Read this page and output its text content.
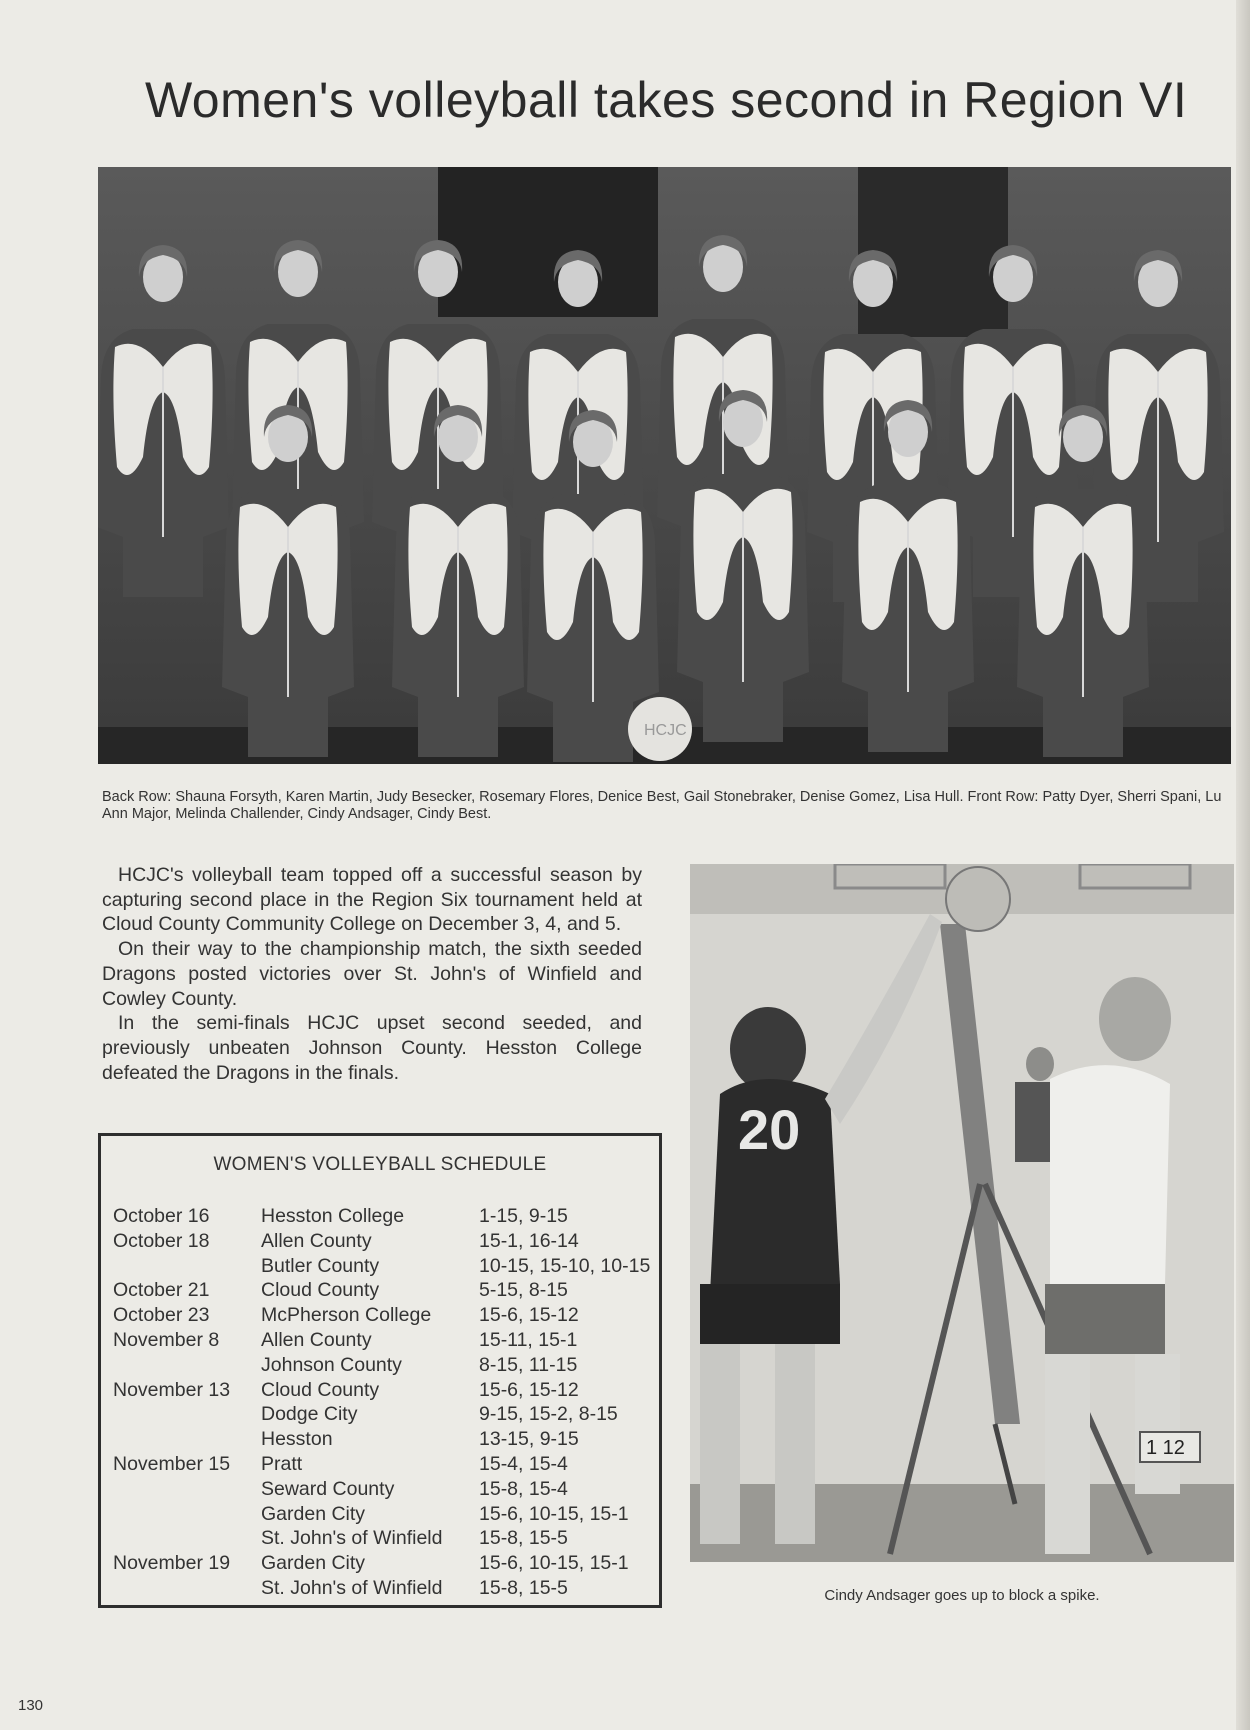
Women's volleyball takes second in Region VI
HCJC
Back Row: Shauna Forsyth, Karen Martin, Judy Besecker, Rosemary Flores, Denice Best, Gail Stonebraker, Denise Gomez, Lisa Hull. Front Row: Patty Dyer, Sherri Spani, Lu Ann Major, Melinda Challender, Cindy Andsager, Cindy Best.

HCJC's volleyball team topped off a successful season by capturing second place in the Region Six tournament held at Cloud County Community College on December 3, 4, and 5.

On their way to the championship match, the sixth seeded Dragons posted victories over St. John's of Winfield and Cowley County.

In the semi-finals HCJC upset second seeded, and previously unbeaten Johnson County. Hesston College defeated the Dragons in the finals.

WOMEN'S VOLLEYBALL SCHEDULE
October 16	Hesston College	1-15, 9-15
October 18	Allen County	15-1, 16-14
Butler County	10-15, 15-10, 10-15
October 21	Cloud County	5-15, 8-15
October 23	McPherson College 15-6, 15-12
November 8 Allen County	15-11, 15-1
Johnson County	8-15, 11-15
November 13 Cloud County	15-6, 15-12
Dodge City	9-15, 15-2, 8-15
Hesston	13-15, 9-15
November 15 Pratt	15-4, 15-4
Seward County	15-8, 15-4
Garden City	15-6, 10-15, 15-1
St. John's of Winfield 15-8, 15-5
November 19 Garden City	15-6, 10-15, 15-1
St. John's of Winfield 15-8, 15-5
20
1 12
Cindy Andsager goes up to block a spike.
130
